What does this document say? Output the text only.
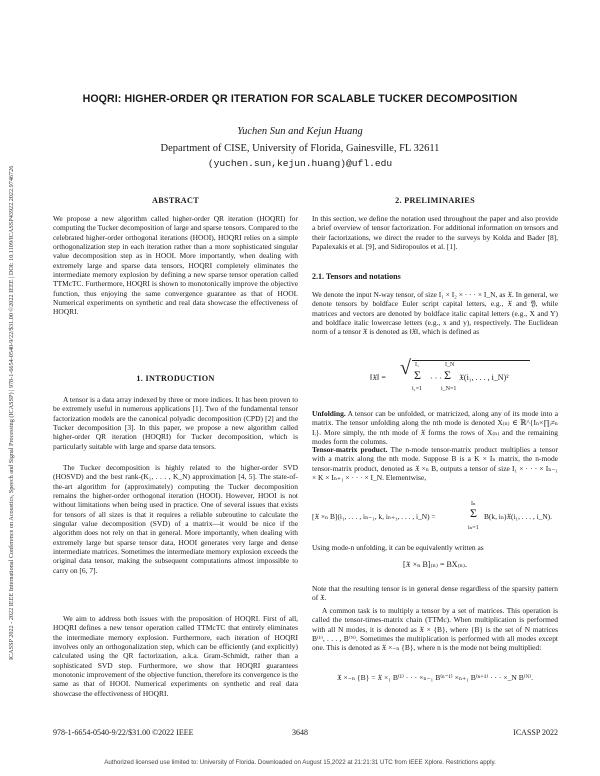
ICASSP 2022 - 2022 IEEE International Conference on Acoustics, Speech and Signal Processing (ICASSP) | 978-1-6654-0540-9/22/$31.00 ©2022 IEEE | DOI: 10.1109/ICASSP43922.2022.9746726
HOQRI: HIGHER-ORDER QR ITERATION FOR SCALABLE TUCKER DECOMPOSITION
Yuchen Sun and Kejun Huang
Department of CISE, University of Florida, Gainesville, FL 32611
(yuchen.sun,kejun.huang)@ufl.edu
ABSTRACT

We propose a new algorithm called higher-order QR iteration (HOQRI) for computing the Tucker decomposition of large and sparse tensors. Compared to the celebrated higher-order orthogonal iterations (HOOI), HOQRI relies on a simple orthogonalization step in each iteration rather than a more sophisticated singular value decomposition step as in HOOI. More importantly, when dealing with extremely large and sparse data tensors, HOQRI completely eliminates the intermediate memory explosion by defining a new sparse tensor operation called TTMcTC. Furthermore, HOQRI is shown to monotonically improve the objective function, thus enjoying the same convergence guarantee as that of HOOI. Numerical experiments on synthetic and real data showcase the effectiveness of HOQRI.

1. INTRODUCTION

A tensor is a data array indexed by three or more indices. It has been proven to be extremely useful in numerous applications [1]. Two of the fundamental tensor factorization models are the canonical polyadic decomposition (CPD) [2] and the Tucker decomposition [3]. In this paper, we propose a new algorithm called higher-order QR iteration (HOQRI) for Tucker decomposition, which is particularly suitable with large and sparse data tensors.

The Tucker decomposition is highly related to the higher-order SVD (HOSVD) and the best rank-(K₁, . . . , K_N) approximation [4, 5]. The state-of-the-art algorithm for (approximately) computing the Tucker decomposition remains the higher-order orthogonal iteration (HOOI). However, HOOI is not without limitations when being used in practice. One of several issues that exists for tensors of all sizes is that it requires a reliable subroutine to calculate the singular value decomposition (SVD) of a matrix—it would be nice if the algorithm does not rely on that in general. More importantly, when dealing with extremely large but sparse tensor data, HOOI generates very large and dense intermediate matrices. Sometimes the intermediate memory explosion exceeds the original data tensor, making the subsequent computations almost impossible to carry on [6, 7].

We aim to address both issues with the proposition of HOQRI. First of all, HOQRI defines a new tensor operation called TTMcTC that entirely eliminates the intermediate memory explosion. Furthermore, each iteration of HOQRI involves only an orthogonalization step, which can be efficiently (and explicitly) calculated using the QR factorization, a.k.a. Gram-Schmidt, rather than a sophisticated SVD step. Furthermore, we show that HOQRI guarantees monotonic improvement of the objective function, therefore its convergence is the same as that of HOOI. Numerical experiments on synthetic and real data showcase the effectiveness of HOQRI.

2. PRELIMINARIES

In this section, we define the notation used throughout the paper and also provide a brief overview of tensor factorization. For additional information on tensors and their factorizations, we direct the reader to the surveys by Kolda and Bader [8], Papalexakis et al. [9], and Sidiropoulos et al. [1].

2.1. Tensors and notations

We denote the input N-way tensor, of size I₁ × I₂ × · · · × I_N, as 𝔛. In general, we denote tensors by boldface Euler script capital letters, e.g., 𝔛 and 𝔜, while matrices and vectors are denoted by boldface italic capital letters (e.g., X and Y) and boldface italic lowercase letters (e.g., x and y), respectively. The Euclidean norm of a tensor 𝔛 is denoted as ‖𝔛‖, which is defined as

‖𝔛‖ = √ I₁
Σ
i₁=1
· · ·
I_N
Σ
i_N=1
𝔛(i₁, . . . , i_N)²

Unfolding. A tensor can be unfolded, or matricized, along any of its mode into a matrix. The tensor unfolding along the nth mode is denoted X₍ₙ₎ ∈ ℝ^{Iₙ×∏ᵢ≠ₙ Iᵢ}. More simply, the nth mode of 𝔛 forms the rows of X₍ₙ₎ and the remaining modes form the columns.

Tensor-matrix product. The n-mode tensor-matrix product multiplies a tensor with a matrix along the nth mode. Suppose B is a K × Iₙ matrix, the n-mode tensor-matrix product, denoted as 𝔛 ×ₙ B, outputs a tensor of size I₁ × · · · × Iₙ₋₁ × K × Iₙ₊₁ × · · · × I_N. Elementwise,

[𝔛 ×ₙ B](i₁, . . . , iₙ₋₁, k, iₙ₊₁, . . . , i_N) =
Iₙ
Σ
iₙ=1
B(k, iₙ)𝔛(i₁, . . . , i_N).

Using mode-n unfolding, it can be equivalently written as

[𝔛 ×ₙ B]₍ₙ₎ = BX₍ₙ₎.

Note that the resulting tensor is in general dense regardless of the sparsity pattern of 𝔛.

A common task is to multiply a tensor by a set of matrices. This operation is called the tensor-times-matrix chain (TTMc). When multiplication is performed with all N modes, it is denoted as 𝔛 × {B}, where {B} is the set of N matrices B⁽¹⁾, . . . , B⁽ᴺ⁾. Sometimes the multiplication is performed with all modes except one. This is denoted as 𝔛 ×₋ₙ {B}, where n is the mode not being multiplied:

𝔛 ×₋ₙ {B} = 𝔛 ×₁ B⁽¹⁾ · · · ×ₙ₋₁ B⁽ⁿ⁻¹⁾ ×ₙ₊₁ B⁽ⁿ⁺¹⁾ · · · ×_N B⁽ᴺ⁾.
978-1-6654-0540-9/22/$31.00 ©2022 IEEE	3648	ICASSP 2022
Authorized licensed use limited to: University of Florida. Downloaded on August 15,2022 at 21:21:31 UTC from IEEE Xplore. Restrictions apply.
